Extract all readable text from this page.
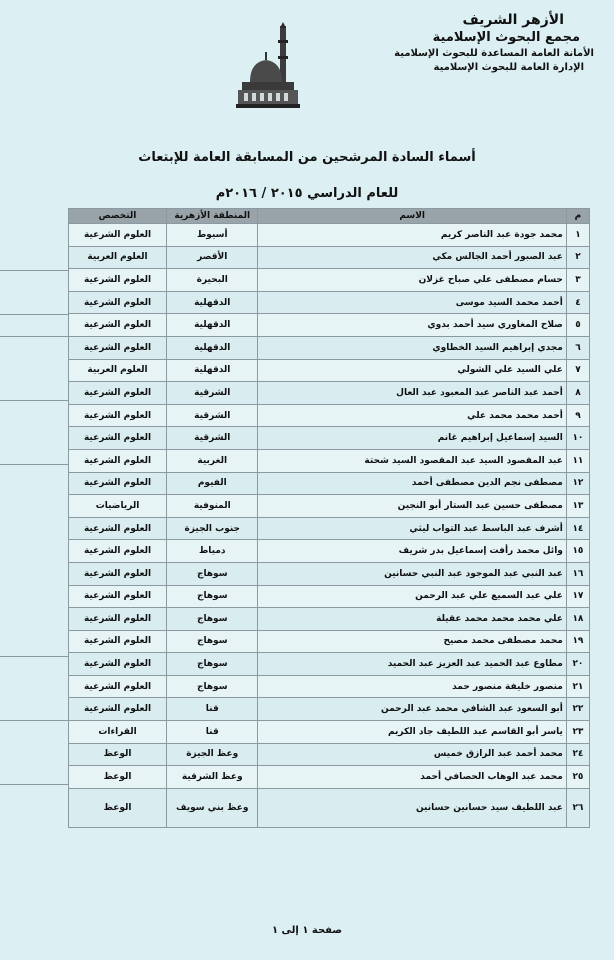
الأزهر الشريف
مجمع البحوث الإسلامية
الأمانة العامة المساعدة للبحوث الإسلامية
الإدارة العامة للبحوث الإسلامية
أسماء السادة المرشحين من المسابقة العامة للإبتعاث
للعام الدراسي ٢٠١٥ / ٢٠١٦م
م	الاسم	المنطقة الأزهرية	التخصص
١	محمد جودة عبد الناصر كريم	أسيوط	العلوم الشرعية
٢	عبد الصبور أحمد الجالس مكي	الأقصر	العلوم العربية
٣	حسام مصطفى علي صباح غزلان	البحيرة	العلوم الشرعية
٤	أحمد محمد السيد موسى	الدقهلية	العلوم الشرعية
٥	صلاح المغاوري سيد أحمد بدوي	الدقهلية	العلوم الشرعية
٦	مجدي إبراهيم السيد الخطاوي	الدقهلية	العلوم الشرعية
٧	علي السيد علي الشولي	الدقهلية	العلوم العربية
٨	أحمد عبد الناصر عبد المعبود عبد العال	الشرقية	العلوم الشرعية
٩	أحمد محمد محمد علي	الشرقية	العلوم الشرعية
١٠	السيد إسماعيل إبراهيم غانم	الشرقية	العلوم الشرعية
١١	عبد المقصود السيد عبد المقصود السيد شحتة	الغربية	العلوم الشرعية
١٢	مصطفى نجم الدين مصطفى أحمد	الفيوم	العلوم الشرعية
١٣	مصطفى حسين عبد الستار أبو النجين	المنوفية	الرياضيات
١٤	أشرف عبد الباسط عبد التواب ليثي	جنوب الجيزة	العلوم الشرعية
١٥	وائل محمد رأفت إسماعيل بدر شريف	دمياط	العلوم الشرعية
١٦	عبد النبي عبد الموجود عبد النبي حسانين	سوهاج	العلوم الشرعية
١٧	علي عبد السميع علي عبد الرحمن	سوهاج	العلوم الشرعية
١٨	علي محمد محمد محمد عقيلة	سوهاج	العلوم الشرعية
١٩	محمد مصطفى محمد مصيح	سوهاج	العلوم الشرعية
٢٠	مطاوع عبد الحميد عبد العزيز عبد الحميد	سوهاج	العلوم الشرعية
٢١	منصور خليفة منصور حمد	سوهاج	العلوم الشرعية
٢٢	أبو السعود عبد الشافي محمد عبد الرحمن	قنا	العلوم الشرعية
٢٣	ياسر أبو القاسم عبد اللطيف جاد الكريم	قنا	القراءات
٢٤	محمد أحمد عبد الرازق خميس	وعظ الجيزة	الوعظ
٢٥	محمد عبد الوهاب الحصافي أحمد	وعظ الشرقية	الوعظ
٢٦	عبد اللطيف سيد حسانين حسانين	وعظ بني سويف	الوعظ
صفحة ١ إلى ١
